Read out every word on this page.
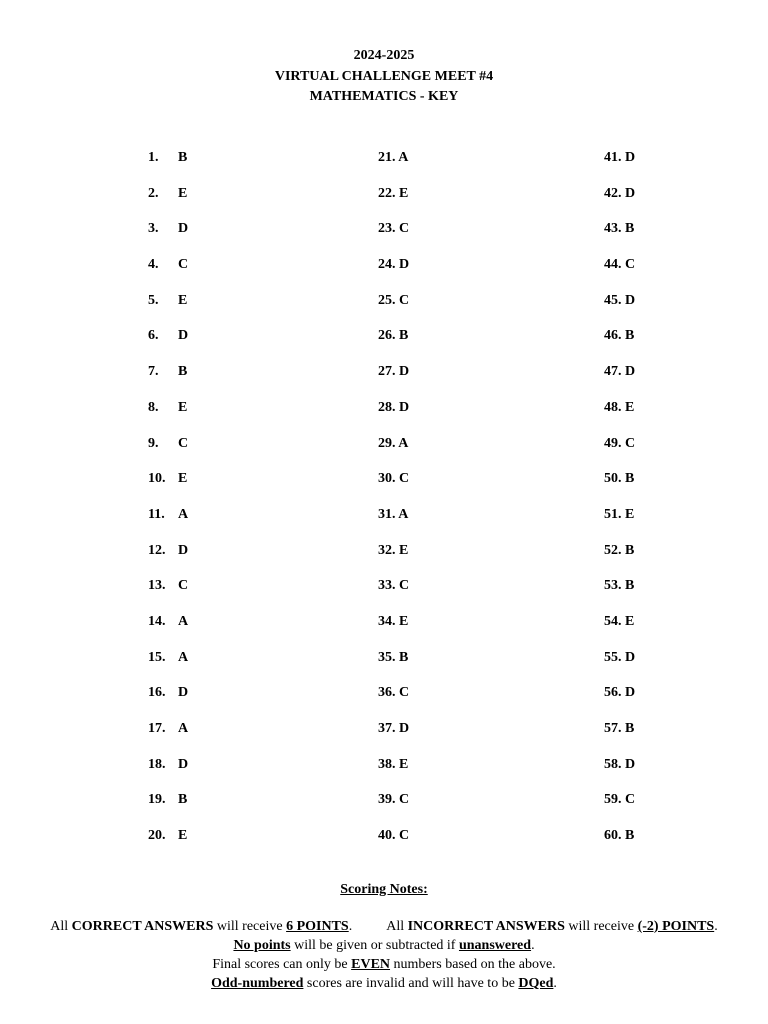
2024-2025
VIRTUAL CHALLENGE MEET #4
MATHEMATICS - KEY
1. B
2. E
3. D
4. C
5. E
6. D
7. B
8. E
9. C
10. E
11. A
12. D
13. C
14. A
15. A
16. D
17. A
18. D
19. B
20. E
21. A
22. E
23. C
24. D
25. C
26. B
27. D
28. D
29. A
30. C
31. A
32. E
33. C
34. E
35. B
36. C
37. D
38. E
39. C
40. C
41. D
42. D
43. B
44. C
45. D
46. B
47. D
48. E
49. C
50. B
51. E
52. B
53. B
54. E
55. D
56. D
57. B
58. D
59. C
60. B
Scoring Notes:
All CORRECT ANSWERS will receive 6 POINTS. All INCORRECT ANSWERS will receive (-2) POINTS.
No points will be given or subtracted if unanswered.
Final scores can only be EVEN numbers based on the above.
Odd-numbered scores are invalid and will have to be DQed.
